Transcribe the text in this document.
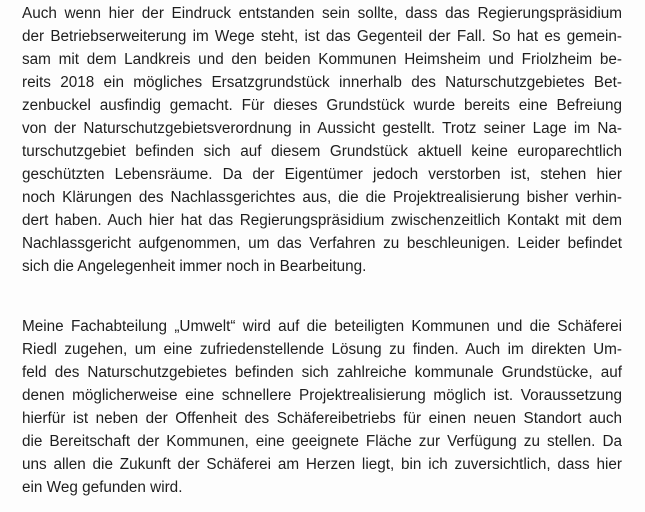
Auch wenn hier der Eindruck entstanden sein sollte, dass das Regierungspräsidium
der Betriebserweiterung im Wege steht, ist das Gegenteil der Fall. So hat es gemein-
sam mit dem Landkreis und den beiden Kommunen Heimsheim und Friolzheim be-
reits 2018 ein mögliches Ersatzgrundstück innerhalb des Naturschutzgebietes Bet-
zenbuckel ausfindig gemacht. Für dieses Grundstück wurde bereits eine Befreiung
von der Naturschutzgebietsverordnung in Aussicht gestellt. Trotz seiner Lage im Na-
turschutzgebiet befinden sich auf diesem Grundstück aktuell keine europarechtlich
geschützten Lebensräume. Da der Eigentümer jedoch verstorben ist, stehen hier
noch Klärungen des Nachlassgerichtes aus, die die Projektrealisierung bisher verhin-
dert haben. Auch hier hat das Regierungspräsidium zwischenzeitlich Kontakt mit dem
Nachlassgericht aufgenommen, um das Verfahren zu beschleunigen. Leider befindet
sich die Angelegenheit immer noch in Bearbeitung.
Meine Fachabteilung „Umwelt“ wird auf die beteiligten Kommunen und die Schäferei
Riedl zugehen, um eine zufriedenstellende Lösung zu finden. Auch im direkten Um-
feld des Naturschutzgebietes befinden sich zahlreiche kommunale Grundstücke, auf
denen möglicherweise eine schnellere Projektrealisierung möglich ist. Voraussetzung
hierfür ist neben der Offenheit des Schäfereibetriebs für einen neuen Standort auch
die Bereitschaft der Kommunen, eine geeignete Fläche zur Verfügung zu stellen. Da
uns allen die Zukunft der Schäferei am Herzen liegt, bin ich zuversichtlich, dass hier
ein Weg gefunden wird.
